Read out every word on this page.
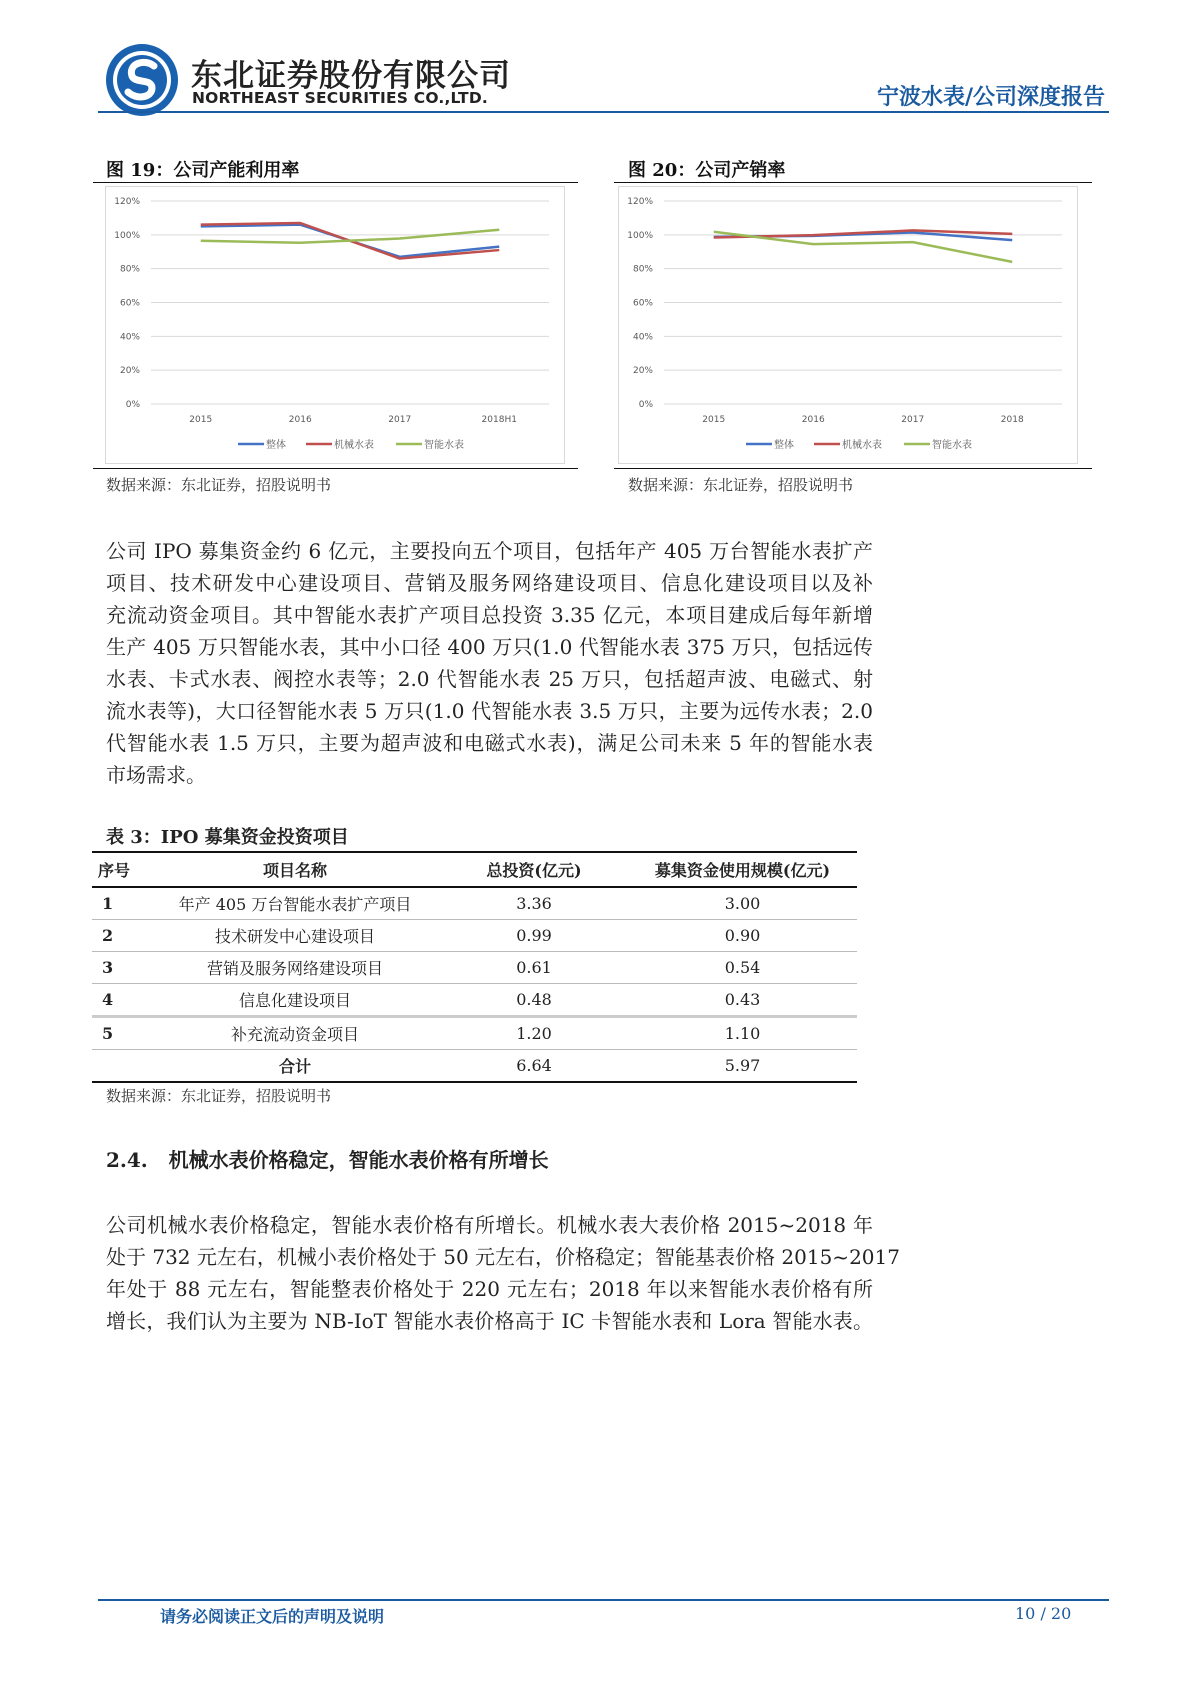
东北证券股份有限公司
NORTHEAST SECURITIES CO.,LTD.	宁波水表/公司深度报告
图 19：公司产能利用率	图 20：公司产销率
0%
20%
40%
60%
80%
100%
120%
2015	2016	2017	2018H1
整体	机械水表	智能水表
0%
20%
40%
60%
80%
100%
120%
2015	2016	2017	2018
整体	机械水表	智能水表
数据来源：东北证券，招股说明书	数据来源：东北证券，招股说明书
公司 IPO 募集资金约 6 亿元，主要投向五个项目，包括年产 405 万台智能水表扩产
项目、技术研发中心建设项目、营销及服务网络建设项目、信息化建设项目以及补
充流动资金项目。其中智能水表扩产项目总投资 3.35 亿元，本项目建成后每年新增
生产 405 万只智能水表，其中小口径 400 万只(1.0 代智能水表 375 万只，包括远传
水表、卡式水表、阀控水表等；2.0 代智能水表 25 万只，包括超声波、电磁式、射
流水表等)，大口径智能水表 5 万只(1.0 代智能水表 3.5 万只，主要为远传水表；2.0
代智能水表 1.5 万只，主要为超声波和电磁式水表)，满足公司未来 5 年的智能水表
市场需求。
表 3：IPO 募集资金投资项目
序号	项目名称	总投资(亿元)	募集资金使用规模(亿元)
1	年产 405 万台智能水表扩产项目	3.36	3.00
2	技术研发中心建设项目	0.99	0.90
3	营销及服务网络建设项目	0.61	0.54
4	信息化建设项目	0.48	0.43
5	补充流动资金项目	1.20	1.10
	合计	6.64	5.97
数据来源：东北证券，招股说明书
2.4.   机械水表价格稳定，智能水表价格有所增长
公司机械水表价格稳定，智能水表价格有所增长。机械水表大表价格 2015~2018 年
处于 732 元左右，机械小表价格处于 50 元左右，价格稳定；智能基表价格 2015~2017
年处于 88 元左右，智能整表价格处于 220 元左右；2018 年以来智能水表价格有所
增长，我们认为主要为 NB-IoT 智能水表价格高于 IC 卡智能水表和 Lora 智能水表。
请务必阅读正文后的声明及说明	10 / 20
